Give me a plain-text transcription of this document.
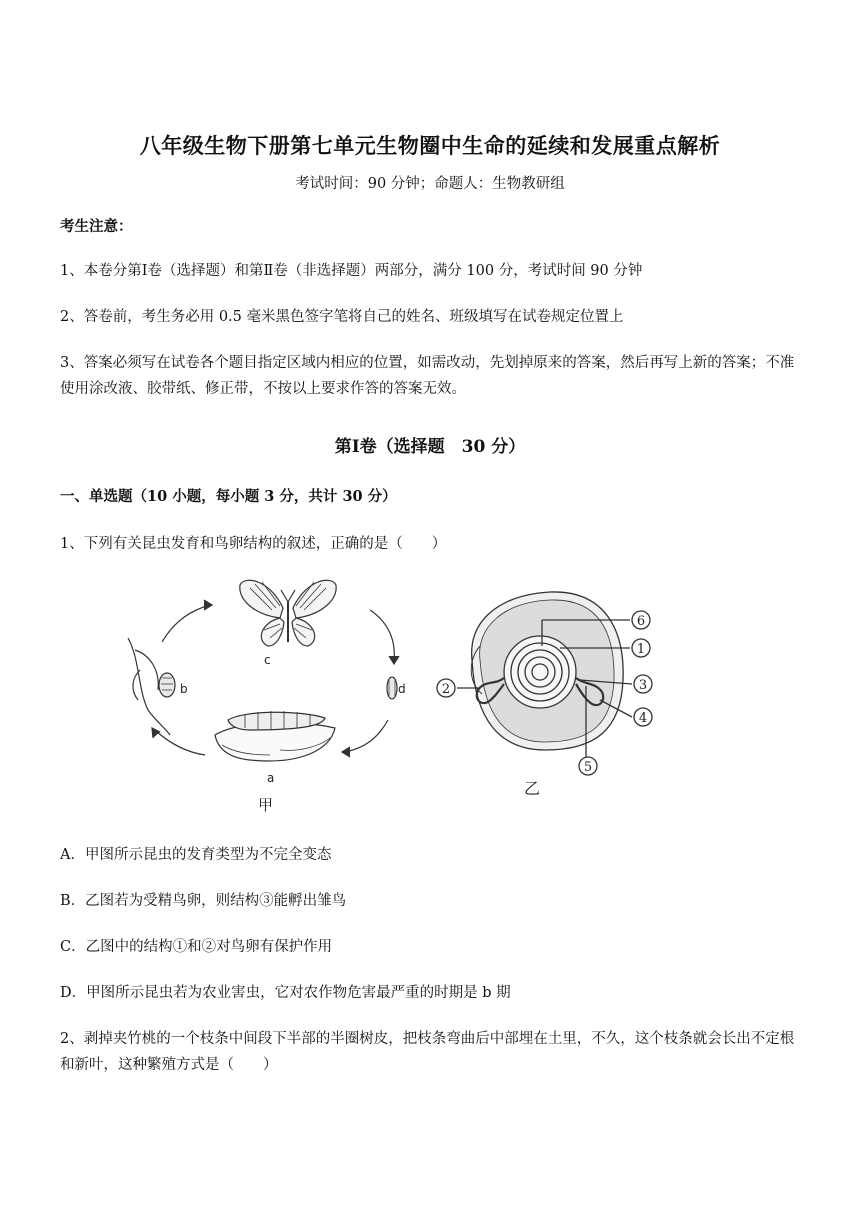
八年级生物下册第七单元生物圈中生命的延续和发展重点解析
考试时间：90 分钟；命题人：生物教研组
考生注意：
1、本卷分第Ⅰ卷（选择题）和第Ⅱ卷（非选择题）两部分，满分 100 分，考试时间 90 分钟
2、答卷前，考生务必用 0.5 毫米黑色签字笔将自己的姓名、班级填写在试卷规定位置上
3、答案必须写在试卷各个题目指定区域内相应的位置，如需改动，先划掉原来的答案，然后再写上新的答案；不准使用涂改液、胶带纸、修正带，不按以上要求作答的答案无效。
第Ⅰ卷（选择题　30 分）
一、单选题（10 小题，每小题 3 分，共计 30 分）
1、下列有关昆虫发育和鸟卵结构的叙述，正确的是（　　）
c
b	d
a
甲
6
1
3
4
5
2
乙
A．甲图所示昆虫的发育类型为不完全变态
B．乙图若为受精鸟卵，则结构③能孵出雏鸟
C．乙图中的结构①和②对鸟卵有保护作用
D．甲图所示昆虫若为农业害虫，它对农作物危害最严重的时期是 b 期
2、剥掉夹竹桃的一个枝条中间段下半部的半圈树皮，把枝条弯曲后中部埋在土里，不久，这个枝条就会长出不定根和新叶，这种繁殖方式是（　　）
